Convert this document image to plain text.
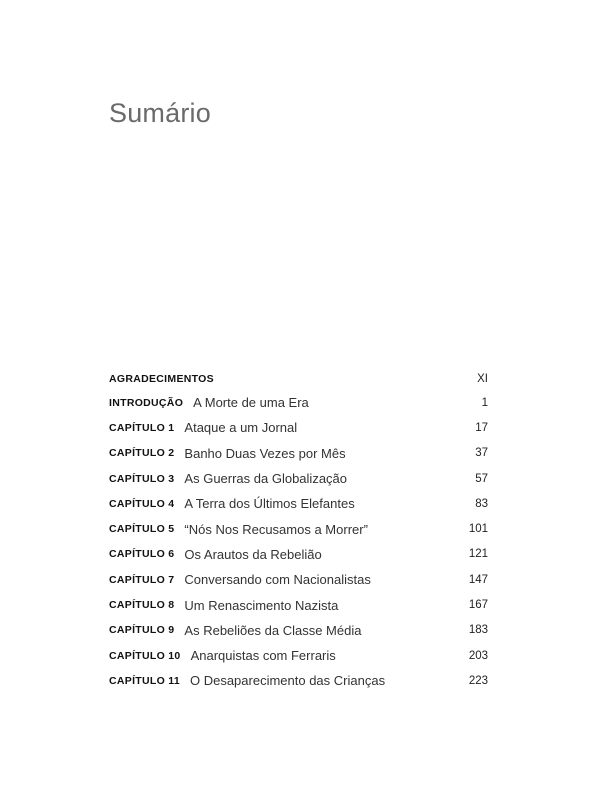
Sumário
AGRADECIMENTOS	XI
INTRODUÇÃO A Morte de uma Era	1
CAPÍTULO 1 Ataque a um Jornal	17
CAPÍTULO 2 Banho Duas Vezes por Mês	37
CAPÍTULO 3 As Guerras da Globalização	57
CAPÍTULO 4 A Terra dos Últimos Elefantes	83
CAPÍTULO 5 “Nós Nos Recusamos a Morrer”	101
CAPÍTULO 6 Os Arautos da Rebelião	121
CAPÍTULO 7 Conversando com Nacionalistas	147
CAPÍTULO 8 Um Renascimento Nazista	167
CAPÍTULO 9 As Rebeliões da Classe Média	183
CAPÍTULO 10 Anarquistas com Ferraris	203
CAPÍTULO 11 O Desaparecimento das Crianças	223
